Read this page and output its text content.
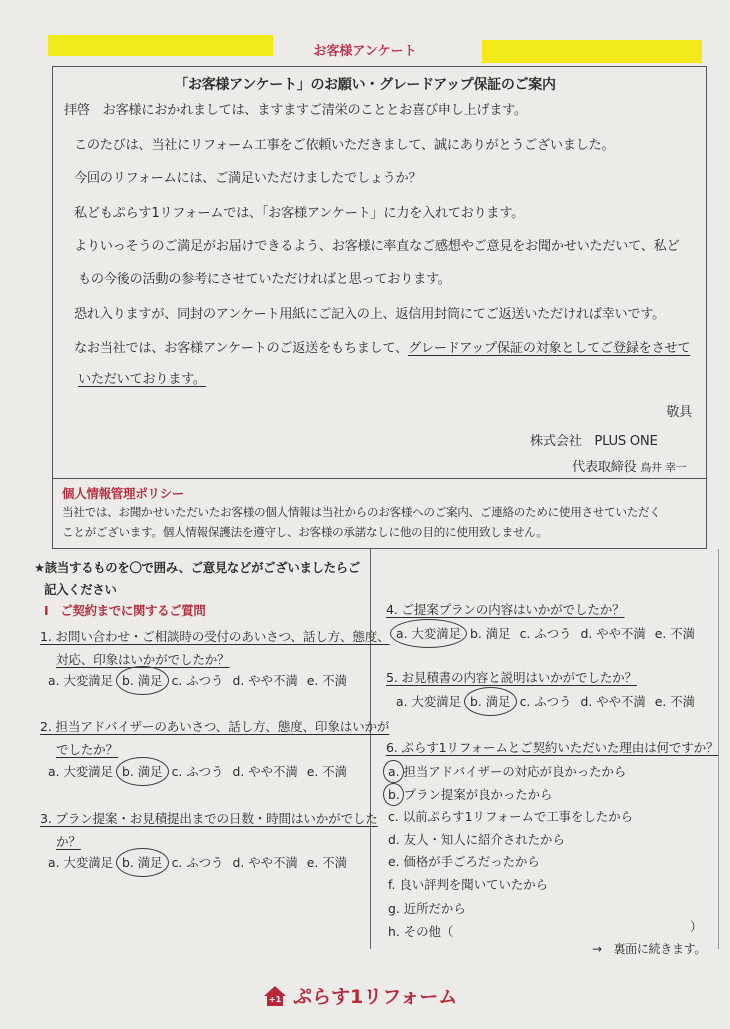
お客様アンケート
「お客様アンケート」のお願い・グレードアップ保証のご案内
拝啓　お客様におかれましては、ますますご清栄のこととお喜び申し上げます。
このたびは、当社にリフォーム工事をご依頼いただきまして、誠にありがとうございました。
今回のリフォームには、ご満足いただけましたでしょうか？
私どもぷらす1リフォームでは、「お客様アンケート」に力を入れております。
よりいっそうのご満足がお届けできるよう、お客様に率直なご感想やご意見をお聞かせいただいて、私ど
もの今後の活動の参考にさせていただければと思っております。
恐れ入りますが、同封のアンケート用紙にご記入の上、返信用封筒にてご返送いただければ幸いです。
なお当社では、お客様アンケートのご返送をもちまして、グレードアップ保証の対象としてご登録をさせて
いただいております。
敬具
株式会社　PLUS ONE
代表取締役 鳥井 幸一
個人情報管理ポリシー
当社では、お聞かせいただいたお客様の個人情報は当社からのお客様へのご案内、ご連絡のために使用させていただく
ことがございます。個人情報保護法を遵守し、お客様の承諾なしに他の目的に使用致しません。
★該当するものを〇で囲み、ご意見などがございましたらご
記入ください
Ⅰ　ご契約までに関するご質問
1. お問い合わせ・ご相談時の受付のあいさつ、話し方、態度、
対応、印象はいかがでしたか？
a. 大変満足 b. 満足 c. ふつう d. やや不満 e. 不満
2. 担当アドバイザーのあいさつ、話し方、態度、印象はいかが
でしたか？
a. 大変満足 b. 満足 c. ふつう d. やや不満 e. 不満
3. プラン提案・お見積提出までの日数・時間はいかがでした
か？
a. 大変満足 b. 満足 c. ふつう d. やや不満 e. 不満
4. ご提案プランの内容はいかがでしたか？
a. 大変満足 b. 満足 c. ふつう d. やや不満 e. 不満
5. お見積書の内容と説明はいかがでしたか？
a. 大変満足 b. 満足 c. ふつう d. やや不満 e. 不満
6. ぷらす1リフォームとご契約いただいた理由は何ですか？
a. 担当アドバイザーの対応が良かったから
b. プラン提案が良かったから
c. 以前ぷらす1リフォームで工事をしたから
d. 友人・知人に紹介されたから
e. 価格が手ごろだったから
f. 良い評判を聞いていたから
g. 近所だから
h. その他（	）
→　裏面に続きます。
+1 ぷらす1リフォーム
